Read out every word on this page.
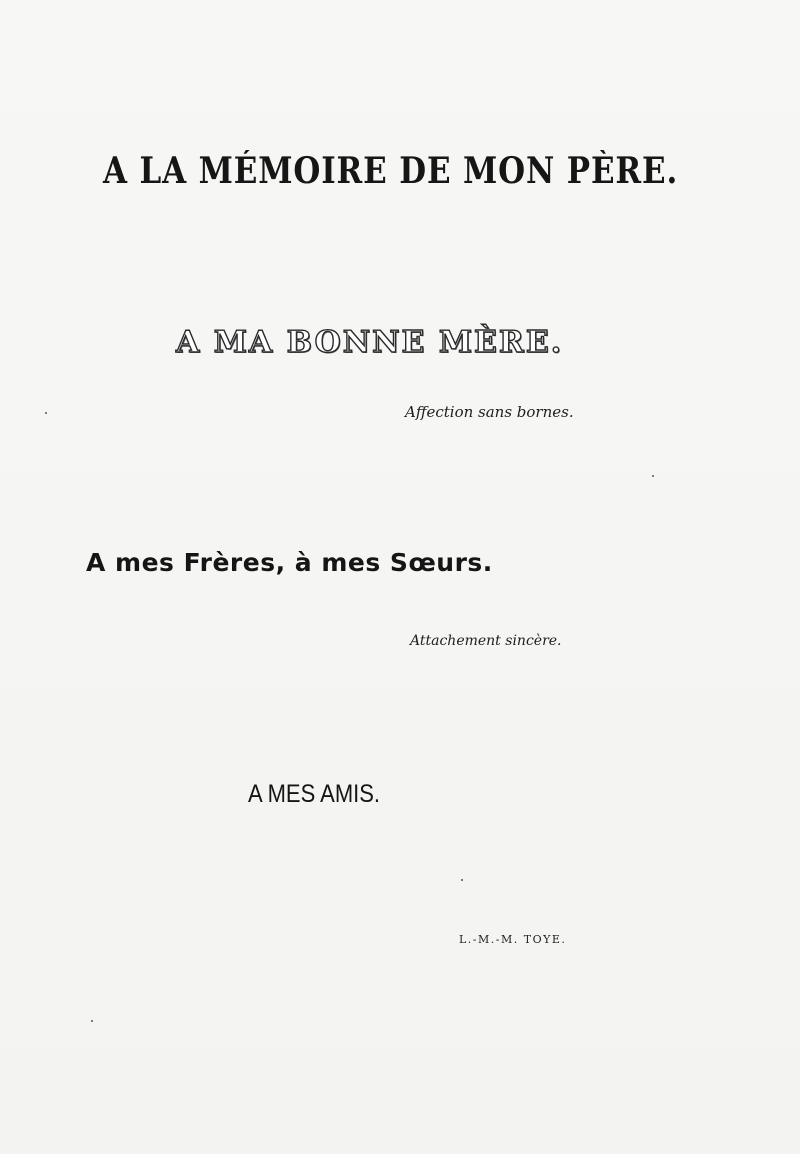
A LA MÉMOIRE DE MON PÈRE.
A MA BONNE MÈRE.
Affection sans bornes.
A mes Frères, à mes Sœurs.
Attachement sincère.
A MES AMIS.
L.-M.-M. TOYE.
